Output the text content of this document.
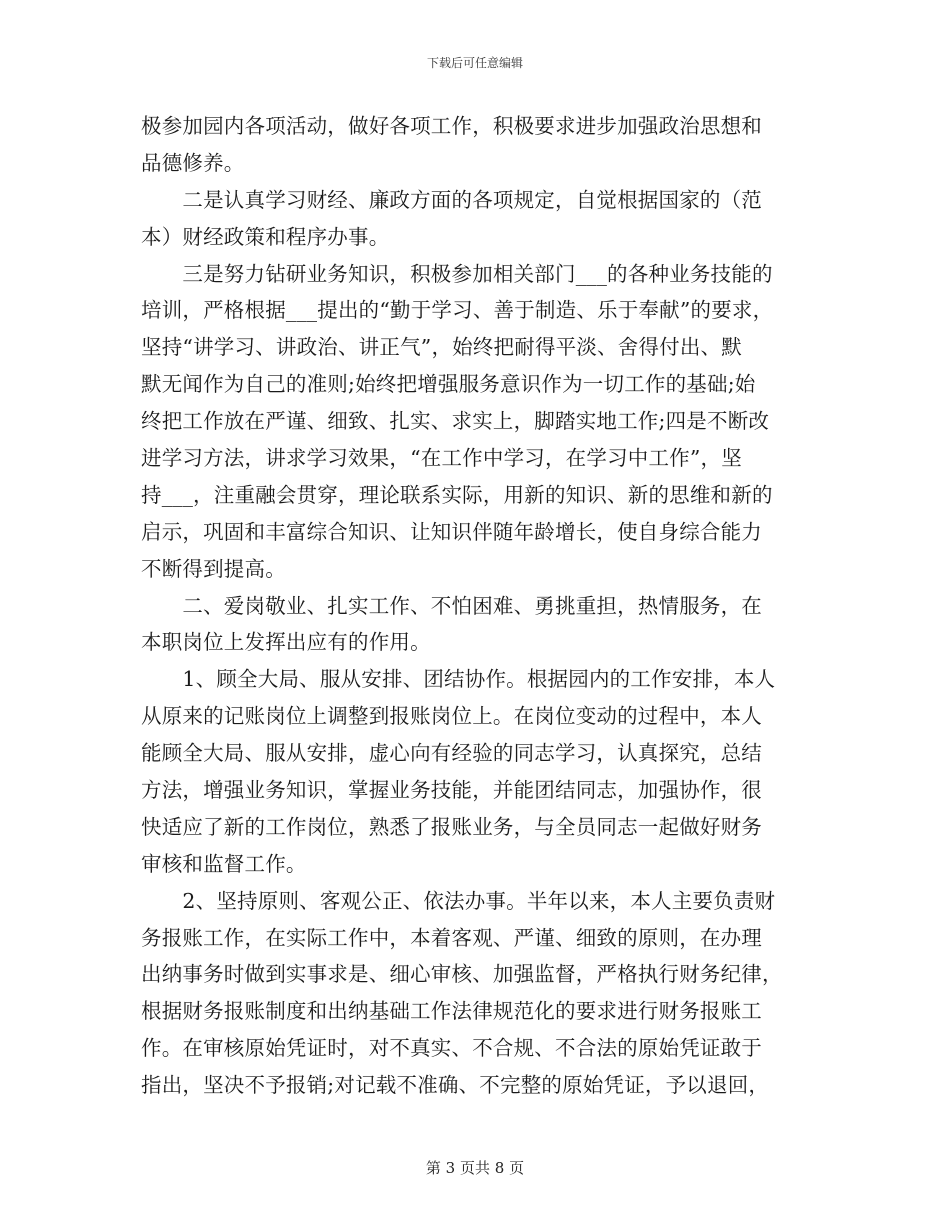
下载后可任意编辑
极参加园内各项活动，做好各项工作，积极要求进步加强政治思想和
品德修养。
　　二是认真学习财经、廉政方面的各项规定，自觉根据国家的（范
本）财经政策和程序办事。
　　三是努力钻研业务知识，积极参加相关部门___的各种业务技能的
培训，严格根据___提出的“勤于学习、善于制造、乐于奉献”的要求，
坚持“讲学习、讲政治、讲正气”，始终把耐得平淡、舍得付出、默
默无闻作为自己的准则;始终把增强服务意识作为一切工作的基础;始
终把工作放在严谨、细致、扎实、求实上，脚踏实地工作;四是不断改
进学习方法，讲求学习效果，“在工作中学习，在学习中工作”，坚
持___，注重融会贯穿，理论联系实际，用新的知识、新的思维和新的
启示，巩固和丰富综合知识、让知识伴随年龄增长，使自身综合能力
不断得到提高。
　　二、爱岗敬业、扎实工作、不怕困难、勇挑重担，热情服务，在
本职岗位上发挥出应有的作用。
　　1、顾全大局、服从安排、团结协作。根据园内的工作安排，本人
从原来的记账岗位上调整到报账岗位上。在岗位变动的过程中，本人
能顾全大局、服从安排，虚心向有经验的同志学习，认真探究，总结
方法，增强业务知识，掌握业务技能，并能团结同志，加强协作，很
快适应了新的工作岗位，熟悉了报账业务，与全员同志一起做好财务
审核和监督工作。
　　2、坚持原则、客观公正、依法办事。半年以来，本人主要负责财
务报账工作，在实际工作中，本着客观、严谨、细致的原则，在办理
出纳事务时做到实事求是、细心审核、加强监督，严格执行财务纪律，
根据财务报账制度和出纳基础工作法律规范化的要求进行财务报账工
作。在审核原始凭证时，对不真实、不合规、不合法的原始凭证敢于
指出，坚决不予报销;对记载不准确、不完整的原始凭证，予以退回，
第 3 页共 8 页
